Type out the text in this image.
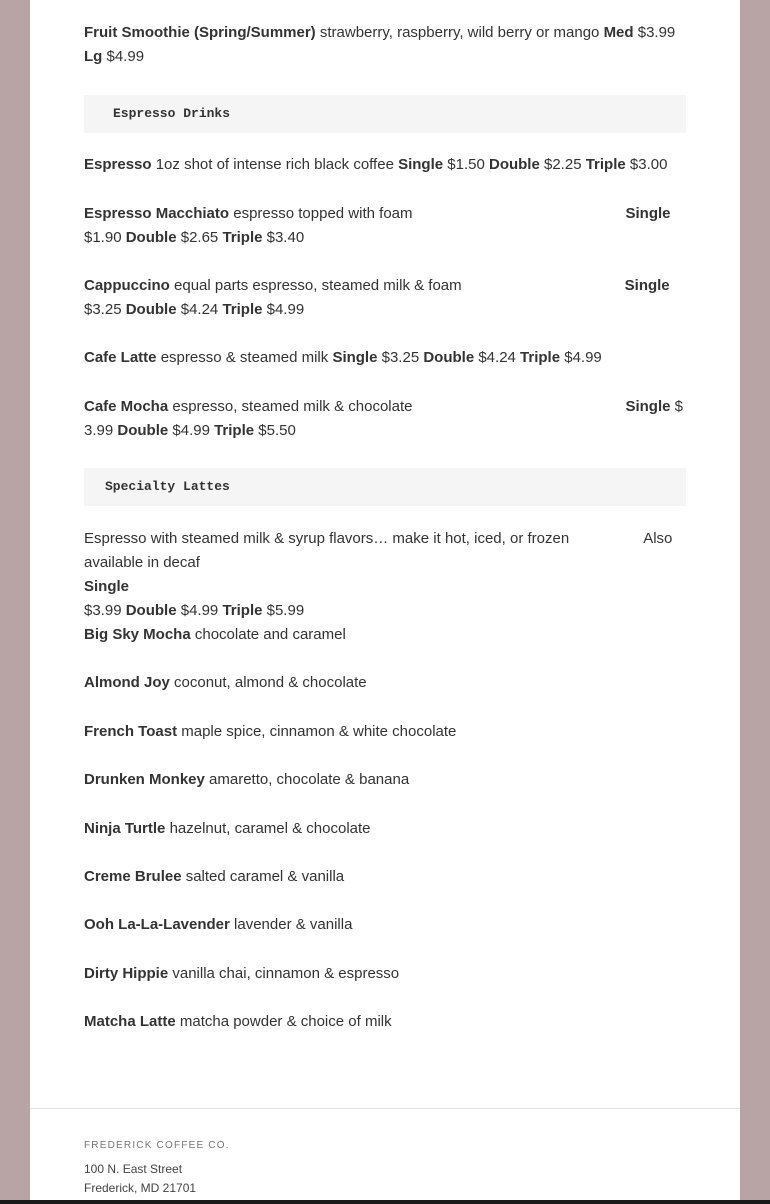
Fruit Smoothie (Spring/Summer) strawberry, raspberry, wild berry or mango Med $3.99
Lg $4.99

Espresso Drinks

Espresso 1oz shot of intense rich black coffee Single $1.50 Double $2.25 Triple $3.00

Espresso Macchiato espresso topped with foam	Single
$1.90 Double $2.65 Triple $3.40

Cappuccino equal parts espresso, steamed milk & foam	Single
$3.25 Double $4.24 Triple $4.99

Cafe Latte espresso & steamed milk Single $3.25 Double $4.24 Triple $4.99

Cafe Mocha espresso, steamed milk & chocolate	Single $
3.99 Double $4.99 Triple $5.50

Specialty Lattes

Espresso with steamed milk & syrup flavors… make it hot, iced, or frozen	Also
available in decafSingle
$3.99 Double $4.99 Triple $5.99

Big Sky Mocha chocolate and caramel

Almond Joy coconut, almond & chocolate

French Toast maple spice, cinnamon & white chocolate

Drunken Monkey amaretto, chocolate & banana

Ninja Turtle hazelnut, caramel & chocolate

Creme Brulee salted caramel & vanilla

Ooh La-La-Lavender lavender & vanilla

Dirty Hippie vanilla chai, cinnamon & espresso

Matcha Latte matcha powder & choice of milk

FREDERICK COFFEE CO.

100 N. East Street

Frederick, MD 21701
